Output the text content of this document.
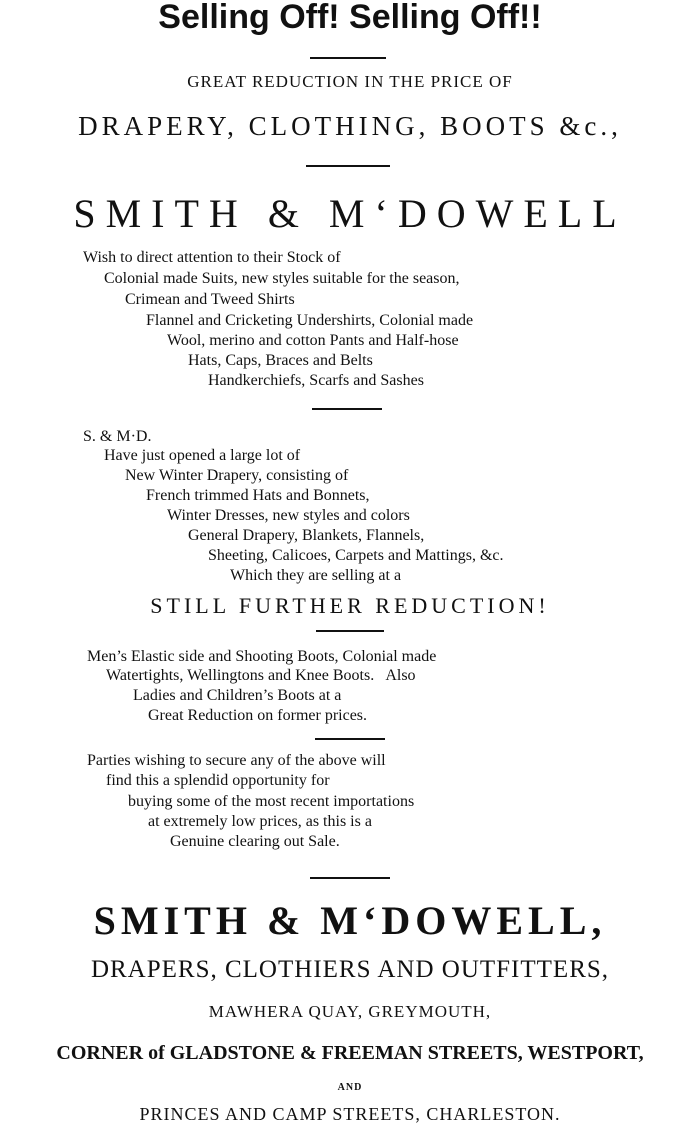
Selling Off! Selling Off!!
GREAT REDUCTION IN THE PRICE OF
DRAPERY, CLOTHING, BOOTS &c.,
SMITH & M‘DOWELL
Wish to direct attention to their Stock of
Colonial made Suits, new styles suitable for the season,
Crimean and Tweed Shirts
Flannel and Cricketing Undershirts, Colonial made
Wool, merino and cotton Pants and Half-hose
Hats, Caps, Braces and Belts
Handkerchiefs, Scarfs and Sashes
S. & M·D.
Have just opened a large lot of
New Winter Drapery, consisting of
French trimmed Hats and Bonnets,
Winter Dresses, new styles and colors
General Drapery, Blankets, Flannels,
Sheeting, Calicoes, Carpets and Mattings, &c.
Which they are selling at a
STILL FURTHER REDUCTION!
Men’s Elastic side and Shooting Boots, Colonial made
Watertights, Wellingtons and Knee Boots.   Also
Ladies and Children’s Boots at a
Great Reduction on former prices.
Parties wishing to secure any of the above will
find this a splendid opportunity for
buying some of the most recent importations
at extremely low prices, as this is a
Genuine clearing out Sale.
SMITH & M‘DOWELL,
DRAPERS, CLOTHIERS AND OUTFITTERS,
MAWHERA QUAY, GREYMOUTH,
CORNER of GLADSTONE & FREEMAN STREETS, WESTPORT,
AND
PRINCES AND CAMP STREETS, CHARLESTON.
